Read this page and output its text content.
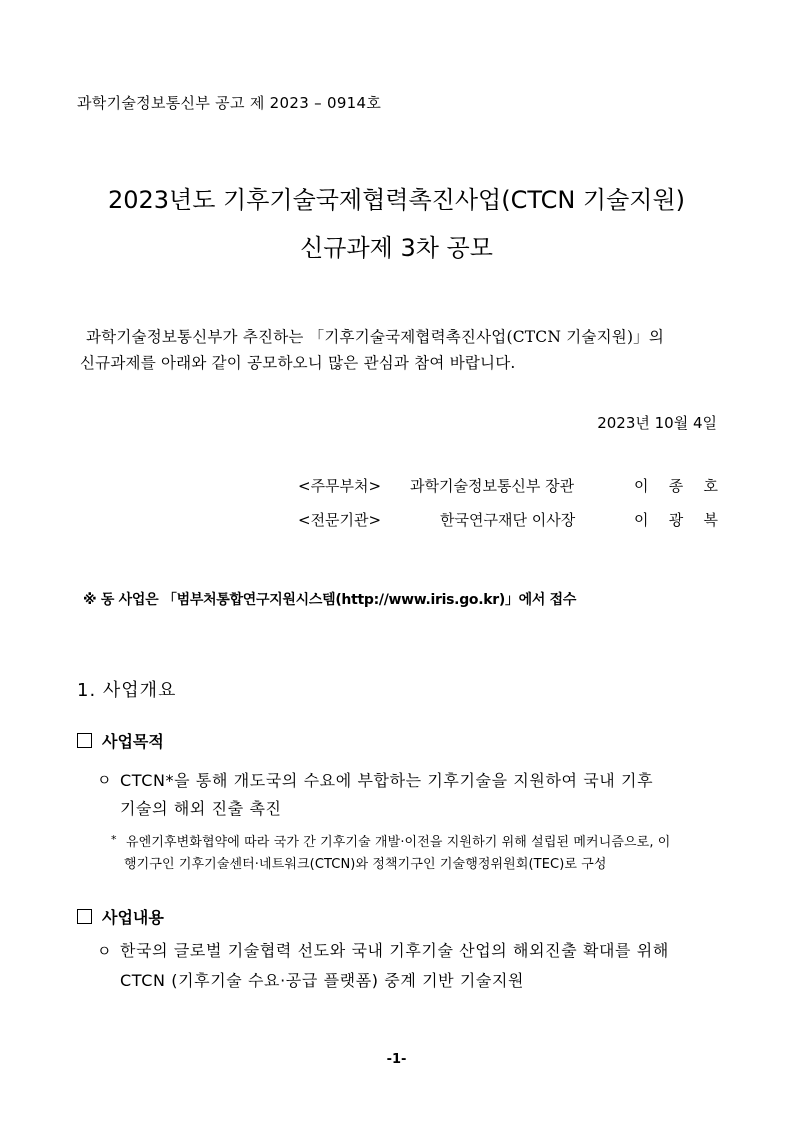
과학기술정보통신부 공고 제 2023 – 0914호
2023년도 기후기술국제협력촉진사업(CTCN 기술지원)
신규과제 3차 공모
과학기술정보통신부가 추진하는 「기후기술국제협력촉진사업(CTCN 기술지원)」의
신규과제를 아래와 같이 공모하오니 많은 관심과 참여 바랍니다.
2023년 10월 4일
<주무부처> 과학기술정보통신부 장관	이 종 호
<전문기관>	한국연구재단 이사장	이 광 복
※ 동 사업은 「범부처통합연구지원시스템(http://www.iris.go.kr)」에서 접수
1. 사업개요
사업목적
ㅇ CTCN*을 통해 개도국의 수요에 부합하는 기후기술을 지원하여 국내 기후
기술의 해외 진출 촉진
* 유엔기후변화협약에 따라 국가 간 기후기술 개발·이전을 지원하기 위해 설립된 메커니즘으로, 이
행기구인 기후기술센터·네트워크(CTCN)와 정책기구인 기술행정위원회(TEC)로 구성
사업내용
ㅇ 한국의 글로벌 기술협력 선도와 국내 기후기술 산업의 해외진출 확대를 위해
CTCN (기후기술 수요·공급 플랫폼) 중계 기반 기술지원
-1-
